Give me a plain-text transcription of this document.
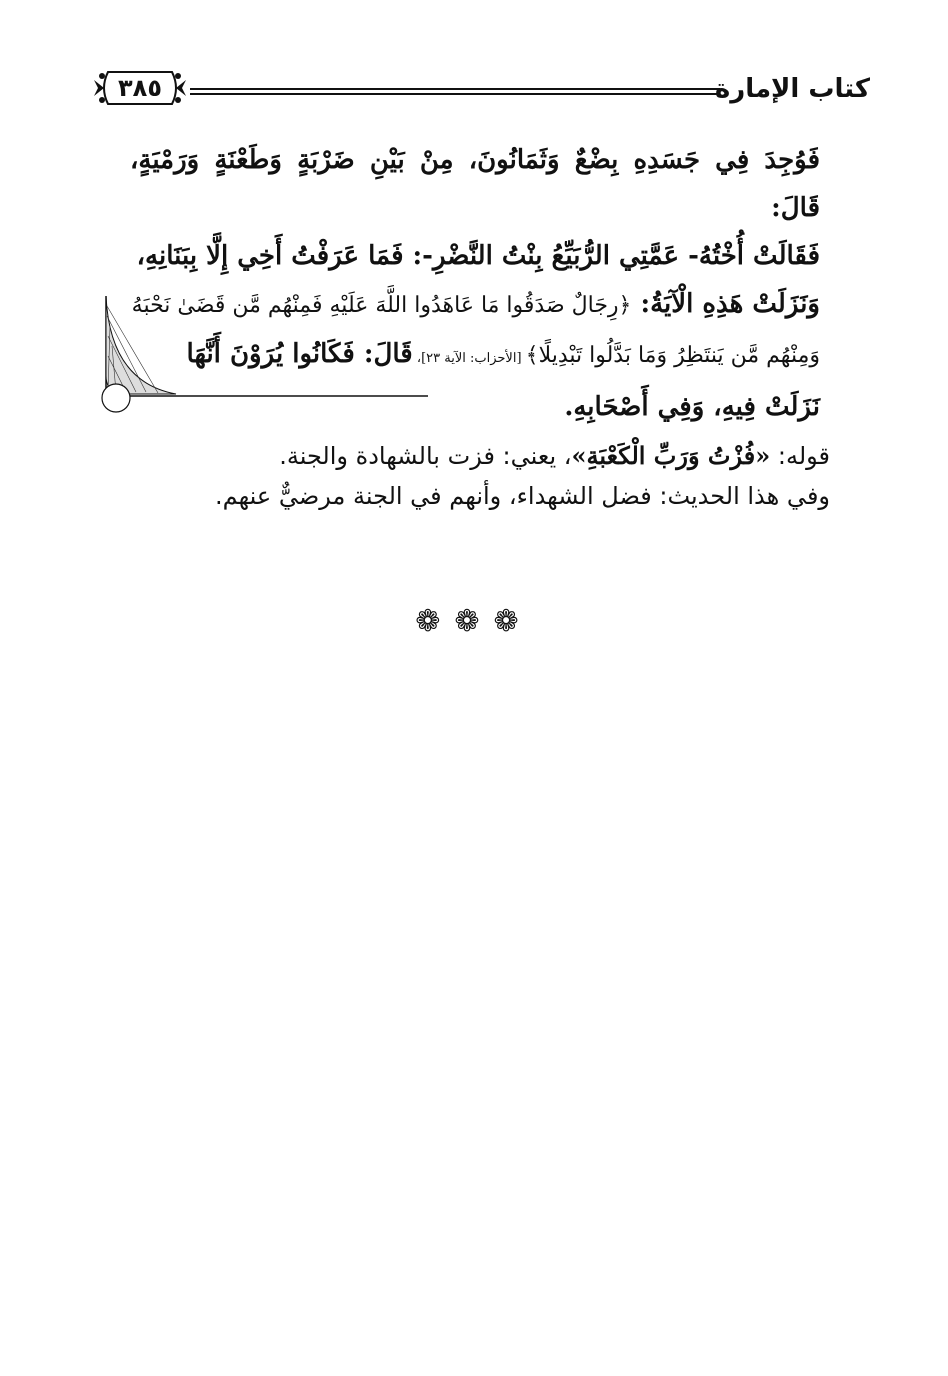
كتاب الإمارة
٣٨٥

فَوُجِدَ فِي جَسَدِهِ بِضْعٌ وَثَمَانُونَ، مِنْ بَيْنِ ضَرْبَةٍ وَطَعْنَةٍ وَرَمْيَةٍ، قَالَ:

فَقَالَتْ أُخْتُهُ- عَمَّتِي الرُّبَيِّعُ بِنْتُ النَّضْرِ-: فَمَا عَرَفْتُ أَخِي إِلَّا بِبَنَانِهِ،

وَنَزَلَتْ هَذِهِ الْآيَةُ: ﴿رِجَالٌ صَدَقُوا مَا عَاهَدُوا اللَّهَ عَلَيْهِ فَمِنْهُم مَّن قَضَىٰ نَحْبَهُ

وَمِنْهُم مَّن يَنتَظِرُ وَمَا بَدَّلُوا تَبْدِيلًا﴾ [الأحزاب: الآية ٢٣]، قَالَ: فَكَانُوا يُرَوْنَ أَنَّهَا

نَزَلَتْ فِيهِ، وَفِي أَصْحَابِهِ.

قوله: «فُزْتُ وَرَبِّ الْكَعْبَةِ»، يعني: فزت بالشهادة والجنة.

وفي هذا الحديث: فضل الشهداء، وأنهم في الجنة مرضيٌّ عنهم.

❁❁❁
